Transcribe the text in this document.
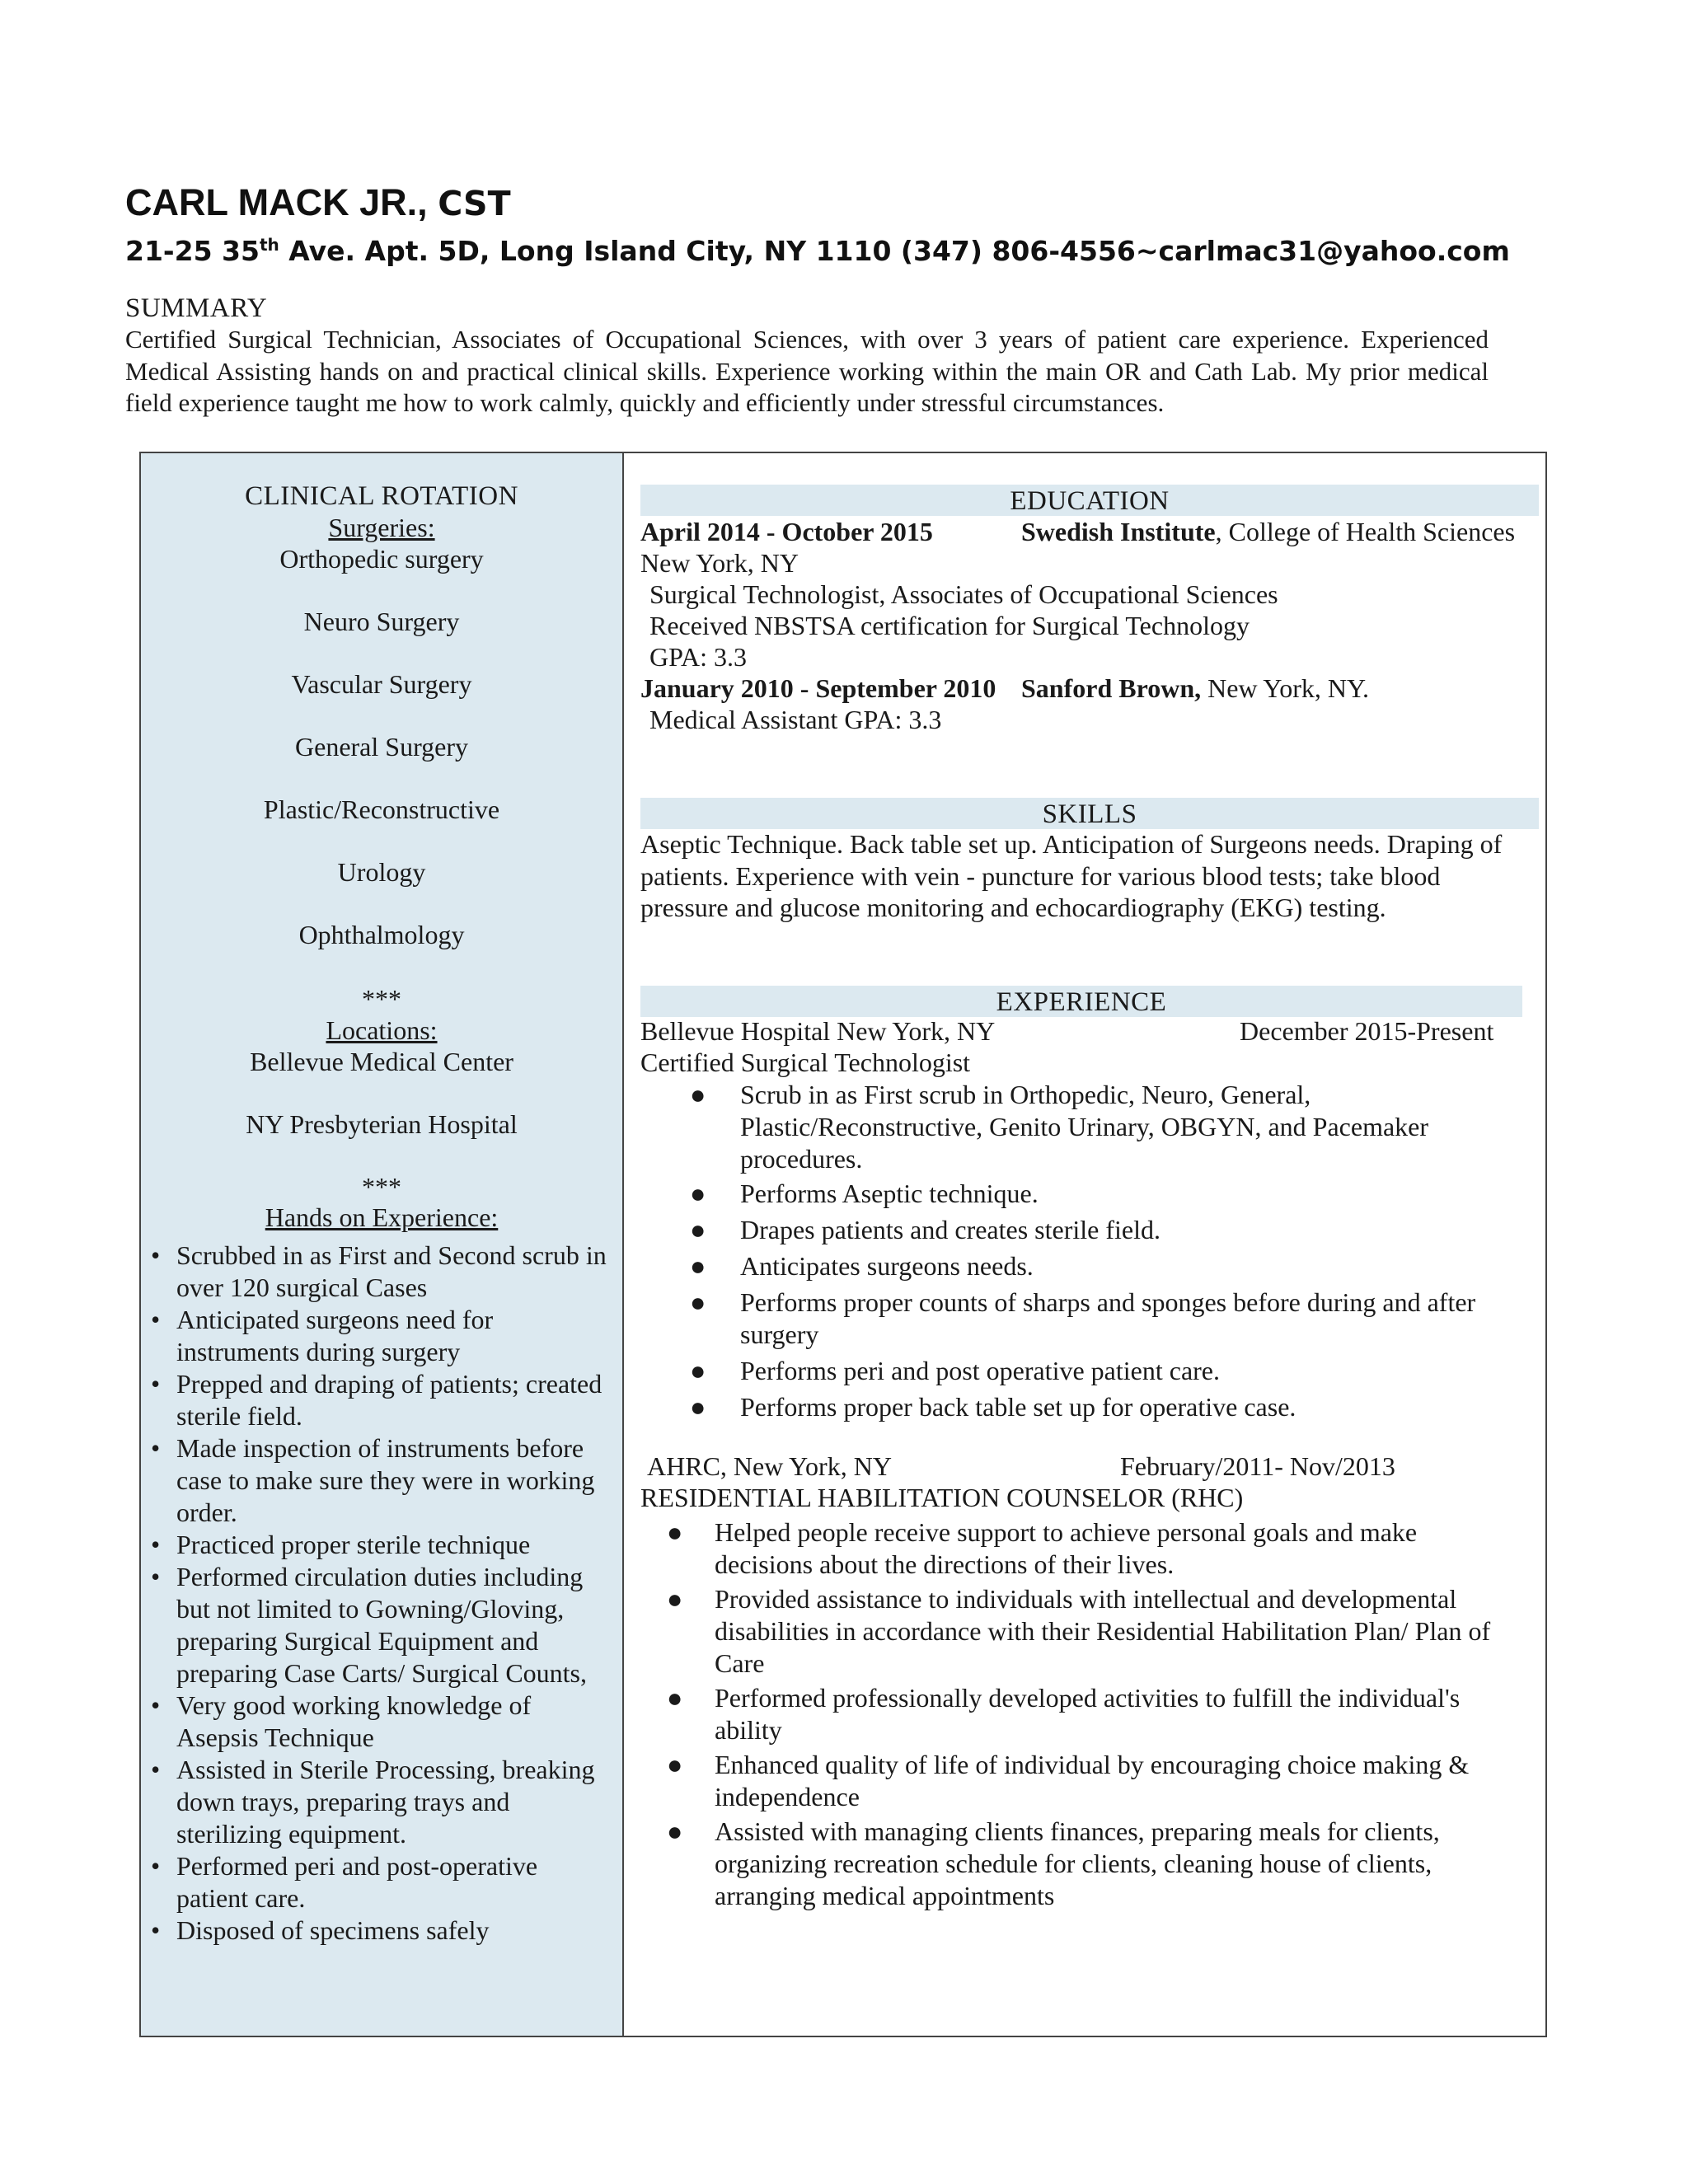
CARL MACK JR., CST
21-25 35th Ave. Apt. 5D, Long Island City, NY 1110 (347) 806-4556~carlmac31@yahoo.com
SUMMARY

Certified Surgical Technician, Associates of Occupational Sciences, with over 3 years of patient care experience. Experienced Medical Assisting hands on and practical clinical skills. Experience working within the main OR and Cath Lab. My prior medical field experience taught me how to work calmly, quickly and efficiently under stressful circumstances.

CLINICAL ROTATION
Surgeries:
Orthopedic surgery
Neuro Surgery
Vascular Surgery
General Surgery
Plastic/Reconstructive
Urology
Ophthalmology
***
Locations:
Bellevue Medical Center
NY Presbyterian Hospital
***
Hands on Experience:
• Scrubbed in as First and Second scrub in over 120 surgical Cases
• Anticipated surgeons need for instruments during surgery
• Prepped and draping of patients; created sterile field.
• Made inspection of instruments before case to make sure they were in working order.
• Practiced proper sterile technique
• Performed circulation duties including but not limited to Gowning/Gloving, preparing Surgical Equipment and preparing Case Carts/ Surgical Counts,
• Very good working knowledge of Asepsis Technique
• Assisted in Sterile Processing, breaking down trays, preparing trays and sterilizing equipment.
• Performed peri and post-operative patient care.
• Disposed of specimens safely
EDUCATION
April 2014 - October 2015	Swedish Institute, College of Health Sciences
New York, NY
Surgical Technologist, Associates of Occupational Sciences
Received NBSTSA certification for Surgical Technology
GPA: 3.3
January 2010 - September 2010 Sanford Brown, New York, NY.
Medical Assistant GPA: 3.3
SKILLS

Aseptic Technique. Back table set up. Anticipation of Surgeons needs. Draping of patients. Experience with vein - puncture for various blood tests; take blood pressure and glucose monitoring and echocardiography (EKG) testing.

EXPERIENCE
Bellevue Hospital New York, NY	December 2015-Present
Certified Surgical Technologist
● Scrub in as First scrub in Orthopedic, Neuro, General, Plastic/Reconstructive, Genito Urinary, OBGYN, and Pacemaker procedures.
● Performs Aseptic technique.
● Drapes patients and creates sterile field.
● Anticipates surgeons needs.
● Performs proper counts of sharps and sponges before during and after surgery
● Performs peri and post operative patient care.
● Performs proper back table set up for operative case.
AHRC, New York, NY	February/2011- Nov/2013
RESIDENTIAL HABILITATION COUNSELOR (RHC)
● Helped people receive support to achieve personal goals and make decisions about the directions of their lives.
● Provided assistance to individuals with intellectual and developmental disabilities in accordance with their Residential Habilitation Plan/ Plan of Care
● Performed professionally developed activities to fulfill the individual's ability
● Enhanced quality of life of individual by encouraging choice making & independence
● Assisted with managing clients finances, preparing meals for clients, organizing recreation schedule for clients, cleaning house of clients, arranging medical appointments
